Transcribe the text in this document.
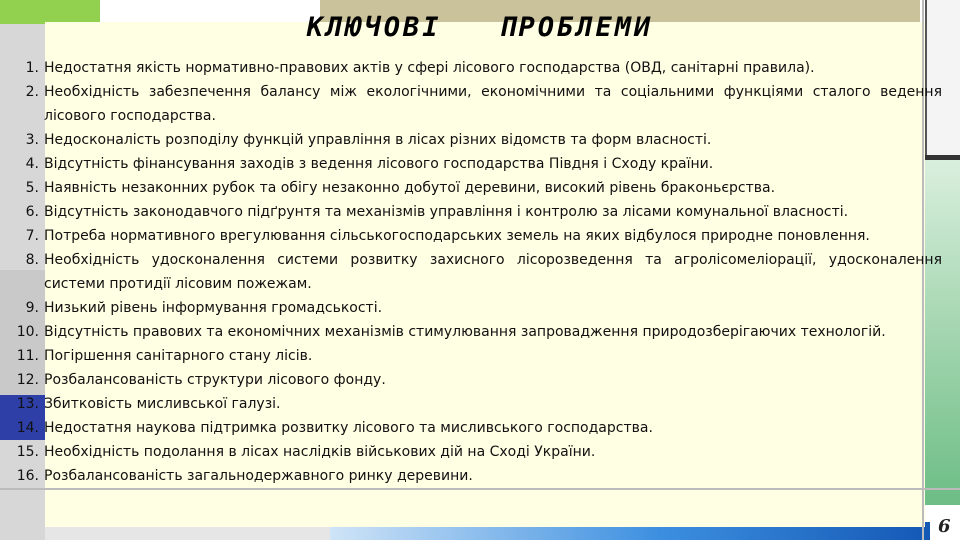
КЛЮЧОВІ   ПРОБЛЕМИ
1. Недостатня якість нормативно-правових актів у сфері лісового господарства (ОВД, санітарні правила).
2. Необхідність забезпечення балансу між екологічними, економічними та соціальними функціями сталого ведення лісового господарства.
3. Недосконалість розподілу функцій управління в лісах різних відомств та форм власності.
4. Відсутність фінансування заходів з ведення лісового господарства Півдня і Сходу країни.
5. Наявність незаконних рубок та обігу незаконно добутої деревини, високий рівень браконьєрства.
6. Відсутність законодавчого підґрунтя та механізмів управління і контролю за лісами комунальної власності.
7. Потреба нормативного врегулювання сільськогосподарських земель на яких відбулося природне поновлення.
8. Необхідність удосконалення системи розвитку захисного лісорозведення та агролісомеліорації, удосконалення системи протидії лісовим пожежам.
9. Низький рівень інформування громадськості.
10. Відсутність правових та економічних механізмів стимулювання запровадження природозберігаючих технологій.
11. Погіршення санітарного стану лісів.
12. Розбалансованість структури лісового фонду.
13. Збитковість мисливської галузі.
14. Недостатня наукова підтримка розвитку лісового та мисливського господарства.
15. Необхідність подолання в лісах наслідків військових дій на Сході України.
16. Розбалансованість загальнодержавного ринку деревини.
6
